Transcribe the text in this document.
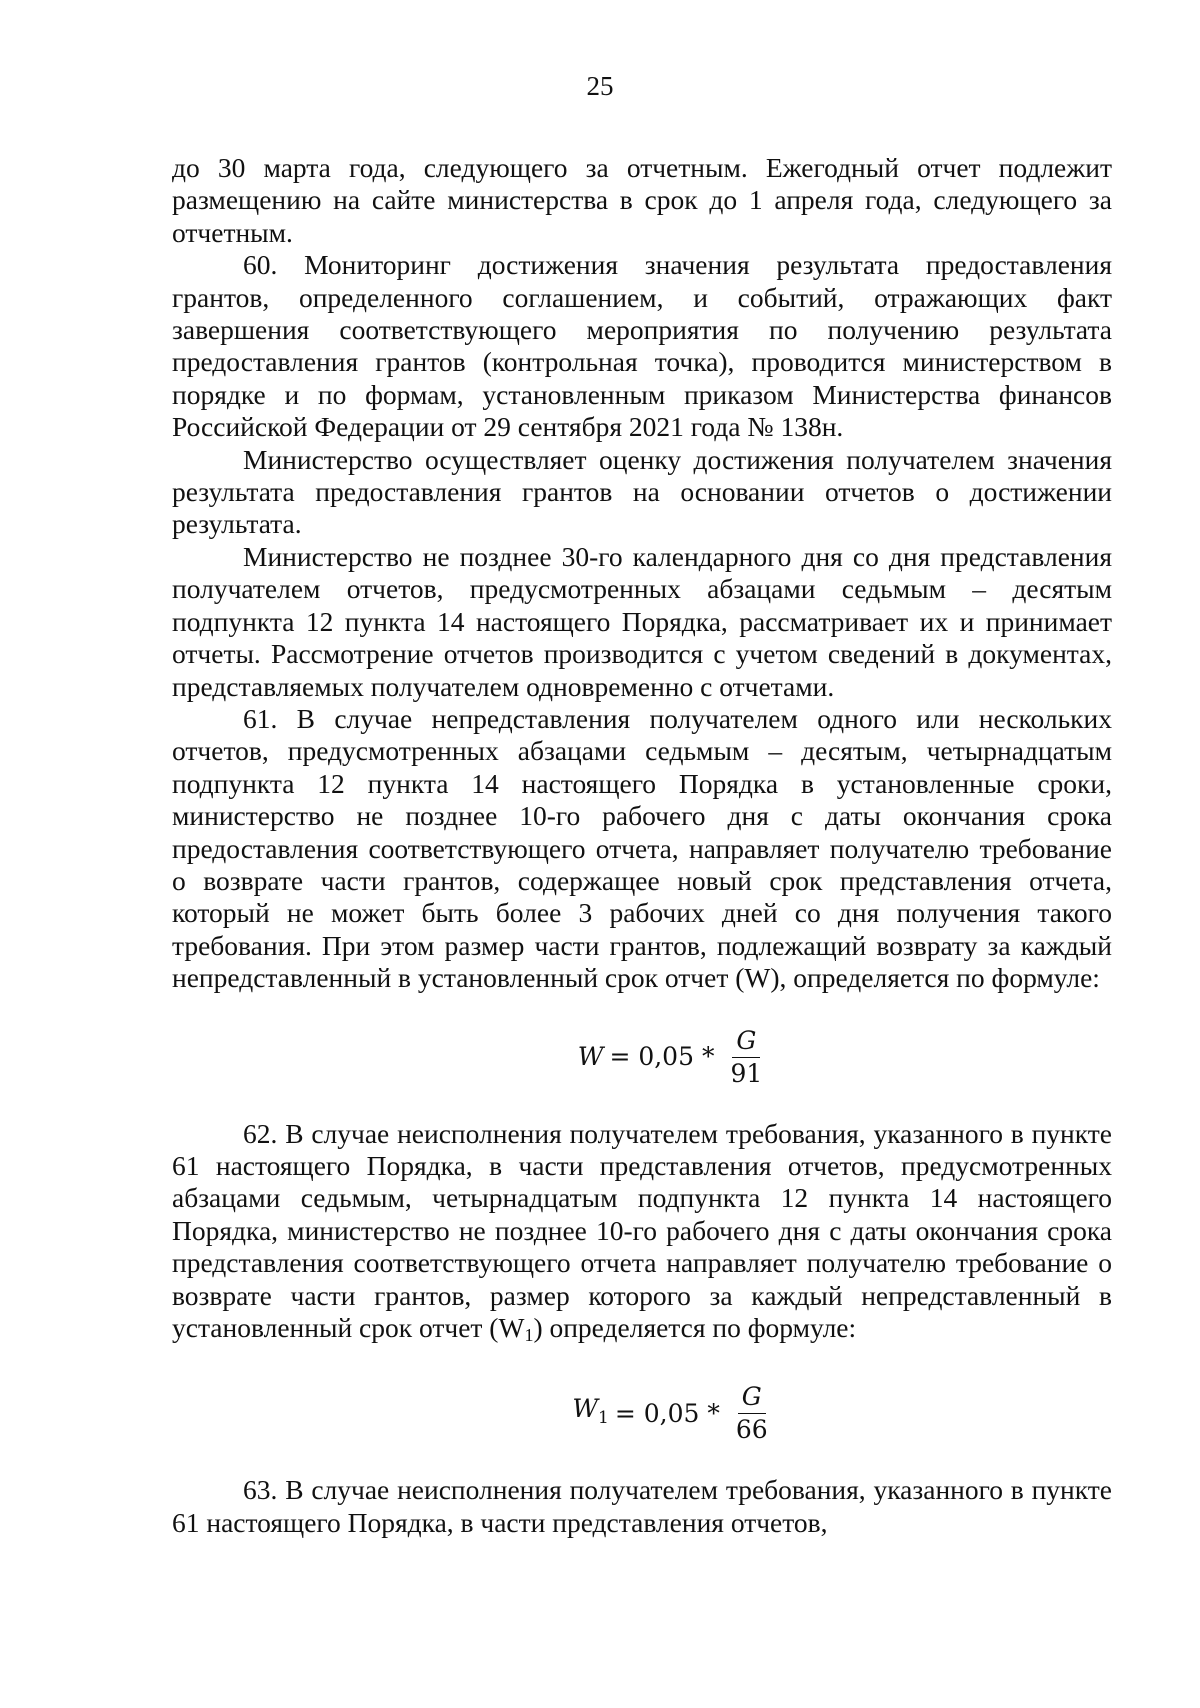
25

до 30 марта года, следующего за отчетным. Ежегодный отчет подлежит размещению на сайте министерства в срок до 1 апреля года, следующего за отчетным.

60. Мониторинг достижения значения результата предоставления грантов, определенного соглашением, и событий, отражающих факт завершения соответствующего мероприятия по получению результата предоставления грантов (контрольная точка), проводится министерством в порядке и по формам, установленным приказом Министерства финансов Российской Федерации от 29 сентября 2021 года № 138н.

Министерство осуществляет оценку достижения получателем значения результата предоставления грантов на основании отчетов о достижении результата.

Министерство не позднее 30-го календарного дня со дня представления получателем отчетов, предусмотренных абзацами седьмым – десятым подпункта 12 пункта 14 настоящего Порядка, рассматривает их и принимает отчеты. Рассмотрение отчетов производится с учетом сведений в документах, представляемых получателем одновременно с отчетами.

61. В случае непредставления получателем одного или нескольких отчетов, предусмотренных абзацами седьмым – десятым, четырнадцатым подпункта 12 пункта 14 настоящего Порядка в установленные сроки, министерство не позднее 10-го рабочего дня с даты окончания срока предоставления соответствующего отчета, направляет получателю требование о возврате части грантов, содержащее новый срок представления отчета, который не может быть более 3 рабочих дней со дня получения такого требования. При этом размер части грантов, подлежащий возврату за каждый непредставленный в установленный срок отчет (W), определяется по формуле:

$W = 0,05 * \frac{G}{91}$

62. В случае неисполнения получателем требования, указанного в пункте 61 настоящего Порядка, в части представления отчетов, предусмотренных абзацами седьмым, четырнадцатым подпункта 12 пункта 14 настоящего Порядка, министерство не позднее 10-го рабочего дня с даты окончания срока представления соответствующего отчета направляет получателю требование о возврате части грантов, размер которого за каждый непредставленный в установленный срок отчет (W1) определяется по формуле:

$W_1 = 0,05 * \frac{G}{66}$

63. В случае неисполнения получателем требования, указанного в пункте 61 настоящего Порядка, в части представления отчетов,
